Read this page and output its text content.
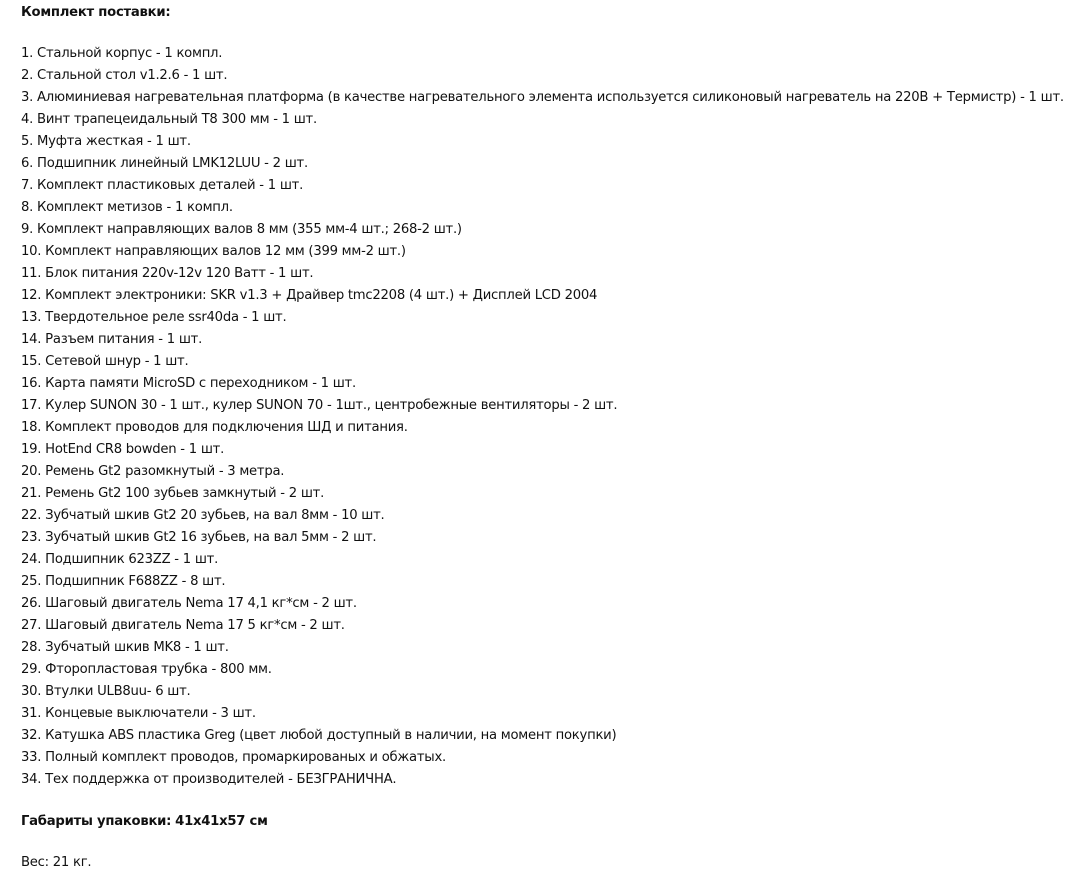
Комплект поставки:
1. Стальной корпус - 1 компл.
2. Стальной стол v1.2.6 - 1 шт.
3. Алюминиевая нагревательная платформа (в качестве нагревательного элемента используется силиконовый нагреватель на 220В + Термистр) - 1 шт.
4. Винт трапецеидальный T8 300 мм - 1 шт.
5. Муфта жесткая - 1 шт.
6. Подшипник линейный LMK12LUU - 2 шт.
7. Комплект пластиковых деталей - 1 шт.
8. Комплект метизов - 1 компл.
9. Комплект направляющих валов 8 мм (355 мм-4 шт.; 268-2 шт.)
10. Комплект направляющих валов 12 мм (399 мм-2 шт.)
11. Блок питания 220v-12v 120 Ватт - 1 шт.
12. Комплект электроники: SKR v1.3 + Драйвер tmc2208 (4 шт.) + Дисплей LCD 2004
13. Твердотельное реле ssr40da - 1 шт.
14. Разъем питания - 1 шт.
15. Сетевой шнур - 1 шт.
16. Карта памяти MicroSD с переходником - 1 шт.
17. Кулер SUNON 30 - 1 шт., кулер SUNON 70 - 1шт., центробежные вентиляторы - 2 шт.
18. Комплект проводов для подключения ШД и питания.
19. HotEnd CR8 bowden - 1 шт.
20. Ремень Gt2 разомкнутый - 3 метра.
21. Ремень Gt2 100 зубьев замкнутый - 2 шт.
22. Зубчатый шкив Gt2 20 зубьев, на вал 8мм - 10 шт.
23. Зубчатый шкив Gt2 16 зубьев, на вал 5мм - 2 шт.
24. Подшипник 623ZZ - 1 шт.
25. Подшипник F688ZZ - 8 шт.
26. Шаговый двигатель Nema 17 4,1 кг*см - 2 шт.
27. Шаговый двигатель Nema 17 5 кг*см - 2 шт.
28. Зубчатый шкив MK8 - 1 шт.
29. Фторопластовая трубка - 800 мм.
30. Втулки ULB8uu- 6 шт.
31. Концевые выключатели - 3 шт.
32. Катушка ABS пластика Greg (цвет любой доступный в наличии, на момент покупки)
33. Полный комплект проводов, промаркированых и обжатых.
34. Тех поддержка от производителей - БЕЗГРАНИЧНА.
Габариты упаковки: 41x41x57 см
Вес: 21 кг.
